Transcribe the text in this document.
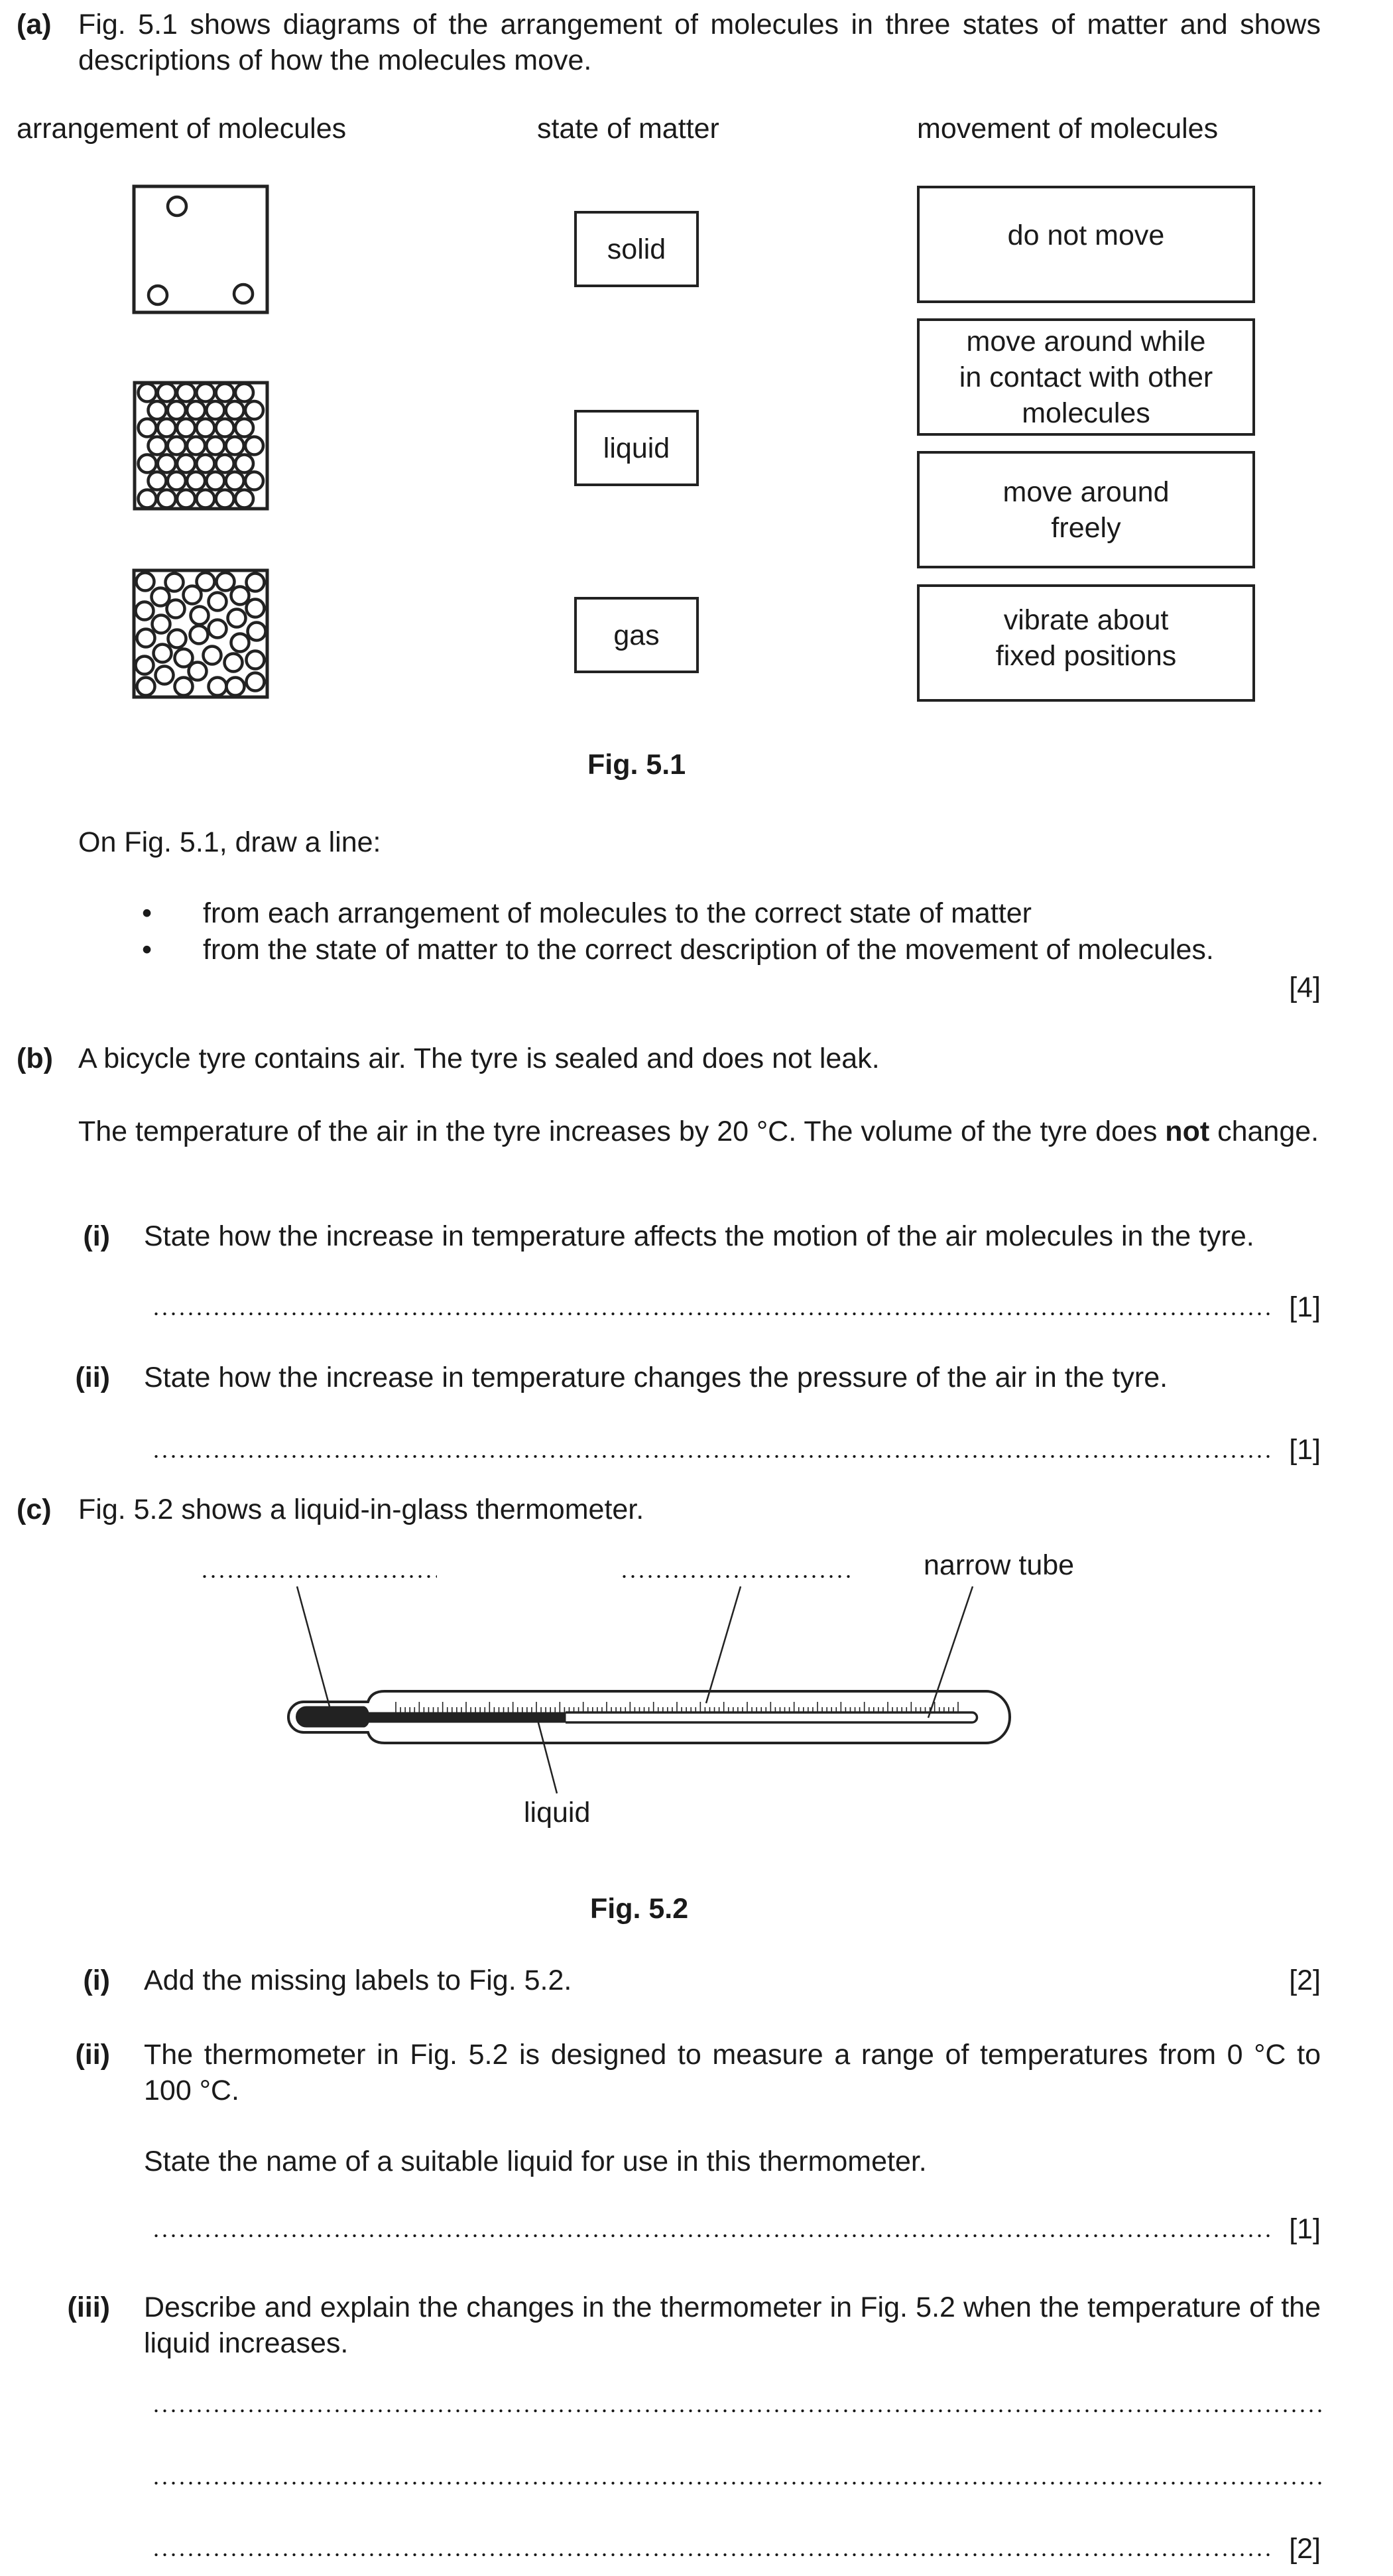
(a) Fig. 5.1 shows diagrams of the arrangement of molecules in three states of matter and shows descriptions of how the molecules move.
arrangement of molecules	state of matter	movement of molecules
solid
liquid
gas
do not move
move around while
in contact with other
molecules
move around
freely
vibrate about
fixed positions
Fig. 5.1
On Fig. 5.1, draw a line:
• from each arrangement of molecules to the correct state of matter
• from the state of matter to the correct description of the movement of molecules.
[4]
(b) A bicycle tyre contains air. The tyre is sealed and does not leak.
The temperature of the air in the tyre increases by 20 °C. The volume of the tyre does not change.
(i) State how the increase in temperature affects the motion of the air molecules in the tyre.
[1]
(ii) State how the increase in temperature changes the pressure of the air in the tyre.
[1]
(c) Fig. 5.2 shows a liquid-in-glass thermometer.
narrow tube
liquid
Fig. 5.2
(i) Add the missing labels to Fig. 5.2.	[2]
(ii) The thermometer in Fig. 5.2 is designed to measure a range of temperatures from 0 °C to 100 °C.
State the name of a suitable liquid for use in this thermometer.
[1]
(iii) Describe and explain the changes in the thermometer in Fig. 5.2 when the temperature of the liquid increases.
[2]
